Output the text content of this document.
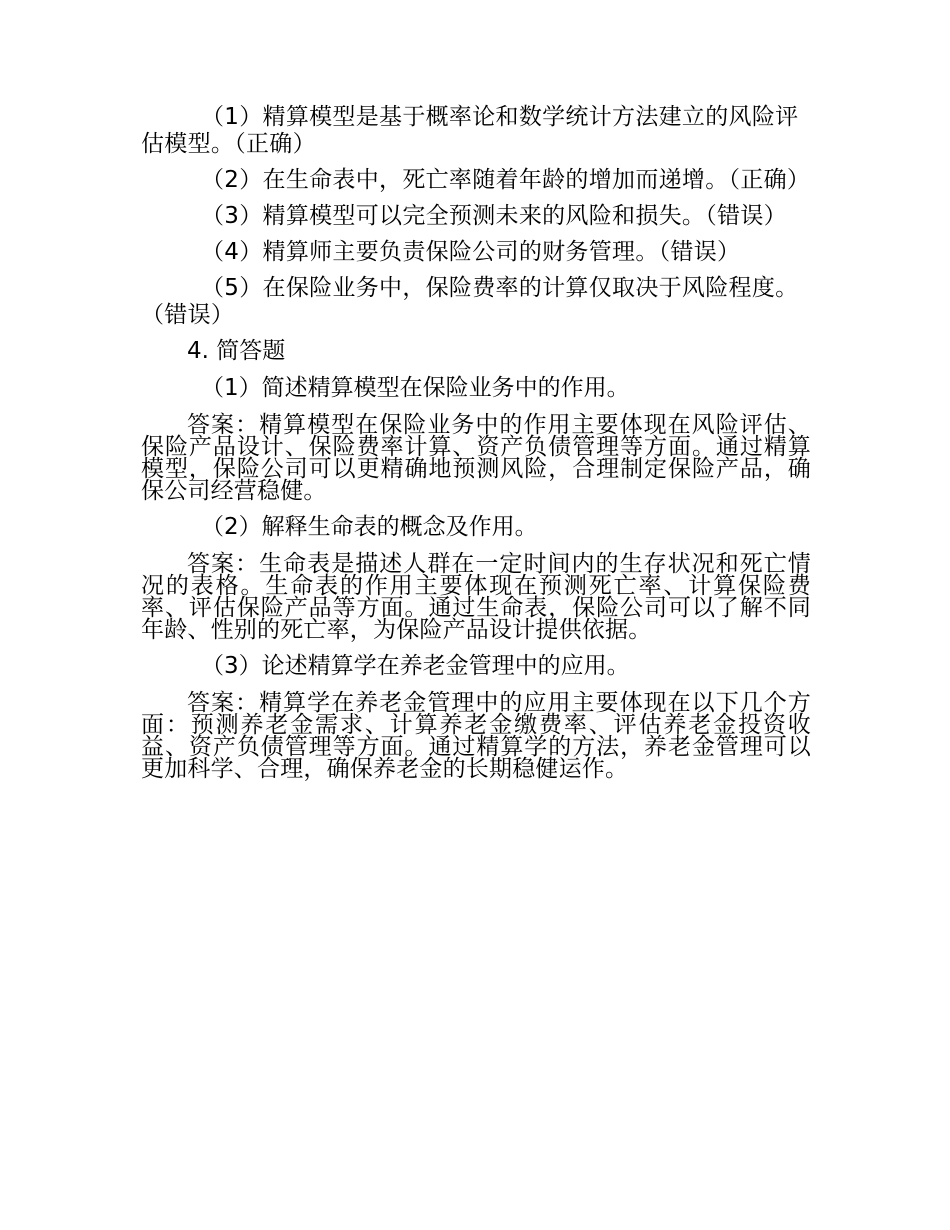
（1）精算模型是基于概率论和数学统计方法建立的风险评估模型。（正确）

（2）在生命表中，死亡率随着年龄的增加而递增。（正确）

（3）精算模型可以完全预测未来的风险和损失。（错误）

（4）精算师主要负责保险公司的财务管理。（错误）

（5）在保险业务中，保险费率的计算仅取决于风险程度。（错误）

4. 简答题

（1）简述精算模型在保险业务中的作用。

答案：精算模型在保险业务中的作用主要体现在风险评估、保险产品设计、保险费率计算、资产负债管理等方面。通过精算模型，保险公司可以更精确地预测风险，合理制定保险产品，确保公司经营稳健。

（2）解释生命表的概念及作用。

答案：生命表是描述人群在一定时间内的生存状况和死亡情况的表格。生命表的作用主要体现在预测死亡率、计算保险费率、评估保险产品等方面。通过生命表，保险公司可以了解不同年龄、性别的死亡率，为保险产品设计提供依据。

（3）论述精算学在养老金管理中的应用。

答案：精算学在养老金管理中的应用主要体现在以下几个方面：预测养老金需求、计算养老金缴费率、评估养老金投资收益、资产负债管理等方面。通过精算学的方法，养老金管理可以更加科学、合理，确保养老金的长期稳健运作。
